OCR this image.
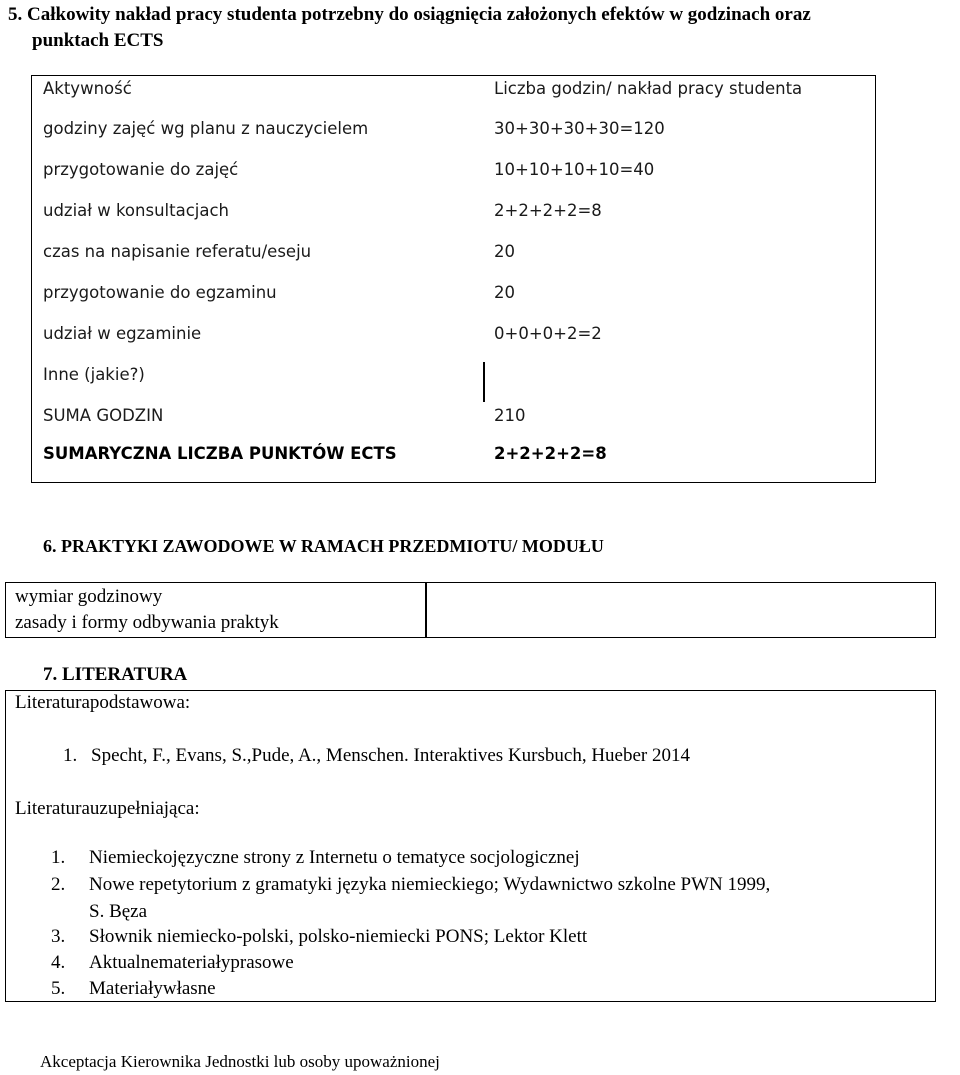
5. Całkowity nakład pracy studenta potrzebny do osiągnięcia założonych efektów w godzinach oraz
punktach ECTS
Aktywność	Liczba godzin/ nakład pracy studenta
godziny zajęć wg planu z nauczycielem	30+30+30+30=120
przygotowanie do zajęć	10+10+10+10=40
udział w konsultacjach	2+2+2+2=8
czas na napisanie referatu/eseju	20
przygotowanie do egzaminu	20
udział w egzaminie	0+0+0+2=2
Inne (jakie?)
SUMA GODZIN	210
SUMARYCZNA LICZBA PUNKTÓW ECTS	2+2+2+2=8
6. PRAKTYKI ZAWODOWE W RAMACH PRZEDMIOTU/ MODUŁU
wymiar godzinowy
zasady i formy odbywania praktyk
7. LITERATURA
Literaturapodstawowa:
1. Specht, F., Evans, S.,Pude, A., Menschen. Interaktives Kursbuch, Hueber 2014
Literaturauzupełniająca:
1. Niemieckojęzyczne strony z Internetu o tematyce socjologicznej
2. Nowe repetytorium z gramatyki języka niemieckiego; Wydawnictwo szkolne PWN 1999,
S. Bęza
3. Słownik niemiecko-polski, polsko-niemiecki PONS; Lektor Klett
4. Aktualnemateriałyprasowe
5. Materiaływłasne
Akceptacja Kierownika Jednostki lub osoby upoważnionej
